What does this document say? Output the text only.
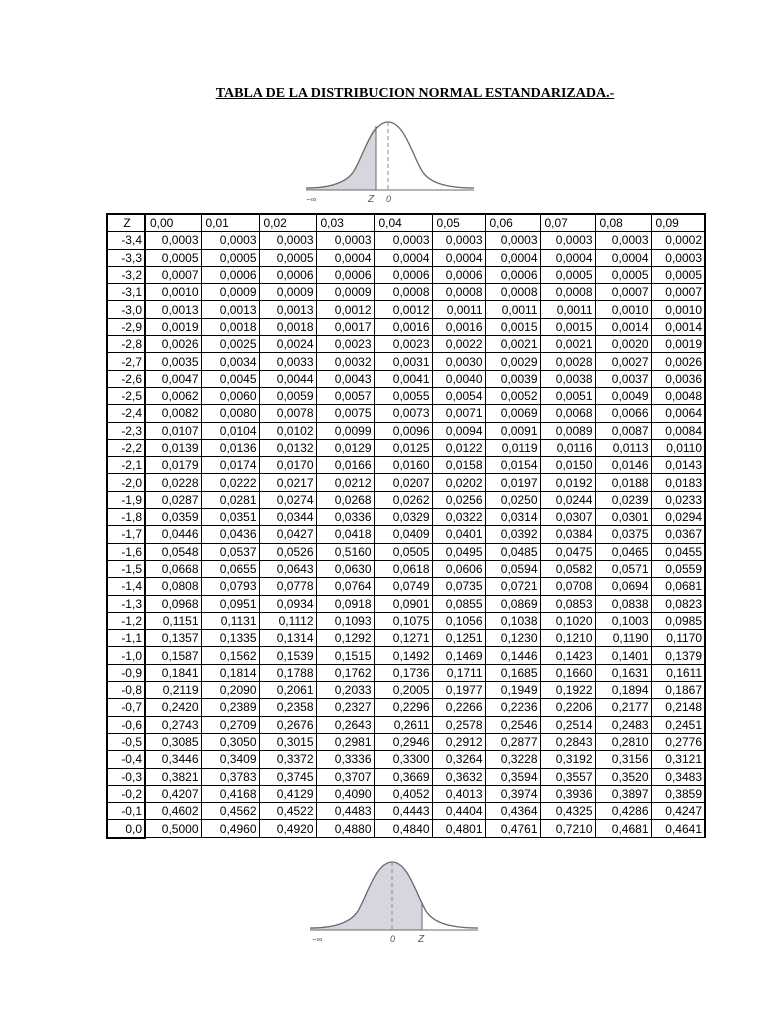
TABLA DE LA DISTRIBUCION NORMAL ESTANDARIZADA.-
−∞	Z 0
Z	0,00	0,01	0,02	0,03	0,04	0,05	0,06	0,07	0,08	0,09
-3,4	0,0003	0,0003	0,0003	0,0003	0,0003	0,0003	0,0003	0,0003	0,0003	0,0002
-3,3	0,0005	0,0005	0,0005	0,0004	0,0004	0,0004	0,0004	0,0004	0,0004	0,0003
-3,2	0,0007	0,0006	0,0006	0,0006	0,0006	0,0006	0,0006	0,0005	0,0005	0,0005
-3,1	0,0010	0,0009	0,0009	0,0009	0,0008	0,0008	0,0008	0,0008	0,0007	0,0007
-3,0	0,0013	0,0013	0,0013	0,0012	0,0012	0,0011	0,0011	0,0011	0,0010	0,0010
-2,9	0,0019	0,0018	0,0018	0,0017	0,0016	0,0016	0,0015	0,0015	0,0014	0,0014
-2,8	0,0026	0,0025	0,0024	0,0023	0,0023	0,0022	0,0021	0,0021	0,0020	0,0019
-2,7	0,0035	0,0034	0,0033	0,0032	0,0031	0,0030	0,0029	0,0028	0,0027	0,0026
-2,6	0,0047	0,0045	0,0044	0,0043	0,0041	0,0040	0,0039	0,0038	0,0037	0,0036
-2,5	0,0062	0,0060	0,0059	0,0057	0,0055	0,0054	0,0052	0,0051	0,0049	0,0048
-2,4	0,0082	0,0080	0,0078	0,0075	0,0073	0,0071	0,0069	0,0068	0,0066	0,0064
-2,3	0,0107	0,0104	0,0102	0,0099	0,0096	0,0094	0,0091	0,0089	0,0087	0,0084
-2,2	0,0139	0,0136	0,0132	0,0129	0,0125	0,0122	0,0119	0,0116	0,0113	0,0110
-2,1	0,0179	0,0174	0,0170	0,0166	0,0160	0,0158	0,0154	0,0150	0,0146	0,0143
-2,0	0,0228	0,0222	0,0217	0,0212	0,0207	0,0202	0,0197	0,0192	0,0188	0,0183
-1,9	0,0287	0,0281	0,0274	0,0268	0,0262	0,0256	0,0250	0,0244	0,0239	0,0233
-1,8	0,0359	0,0351	0,0344	0,0336	0,0329	0,0322	0,0314	0,0307	0,0301	0,0294
-1,7	0,0446	0,0436	0,0427	0,0418	0,0409	0,0401	0,0392	0,0384	0,0375	0,0367
-1,6	0,0548	0,0537	0,0526	0,5160	0,0505	0,0495	0,0485	0,0475	0,0465	0,0455
-1,5	0,0668	0,0655	0,0643	0,0630	0,0618	0,0606	0,0594	0,0582	0,0571	0,0559
-1,4	0,0808	0,0793	0,0778	0,0764	0,0749	0,0735	0,0721	0,0708	0,0694	0,0681
-1,3	0,0968	0,0951	0,0934	0,0918	0,0901	0,0855	0,0869	0,0853	0,0838	0,0823
-1,2	0,1151	0,1131	0,1112	0,1093	0,1075	0,1056	0,1038	0,1020	0,1003	0,0985
-1,1	0,1357	0,1335	0,1314	0,1292	0,1271	0,1251	0,1230	0,1210	0,1190	0,1170
-1,0	0,1587	0,1562	0,1539	0,1515	0,1492	0,1469	0,1446	0,1423	0,1401	0,1379
-0,9	0,1841	0,1814	0,1788	0,1762	0,1736	0,1711	0,1685	0,1660	0,1631	0,1611
-0,8	0,2119	0,2090	0,2061	0,2033	0,2005	0,1977	0,1949	0,1922	0,1894	0,1867
-0,7	0,2420	0,2389	0,2358	0,2327	0,2296	0,2266	0,2236	0,2206	0,2177	0,2148
-0,6	0,2743	0,2709	0,2676	0,2643	0,2611	0,2578	0,2546	0,2514	0,2483	0,2451
-0,5	0,3085	0,3050	0,3015	0,2981	0,2946	0,2912	0,2877	0,2843	0,2810	0,2776
-0,4	0,3446	0,3409	0,3372	0,3336	0,3300	0,3264	0,3228	0,3192	0,3156	0,3121
-0,3	0,3821	0,3783	0,3745	0,3707	0,3669	0,3632	0,3594	0,3557	0,3520	0,3483
-0,2	0,4207	0,4168	0,4129	0,4090	0,4052	0,4013	0,3974	0,3936	0,3897	0,3859
-0,1	0,4602	0,4562	0,4522	0,4483	0,4443	0,4404	0,4364	0,4325	0,4286	0,4247
0,0	0,5000	0,4960	0,4920	0,4880	0,4840	0,4801	0,4761	0,7210	0,4681	0,4641
−∞	0 Z
